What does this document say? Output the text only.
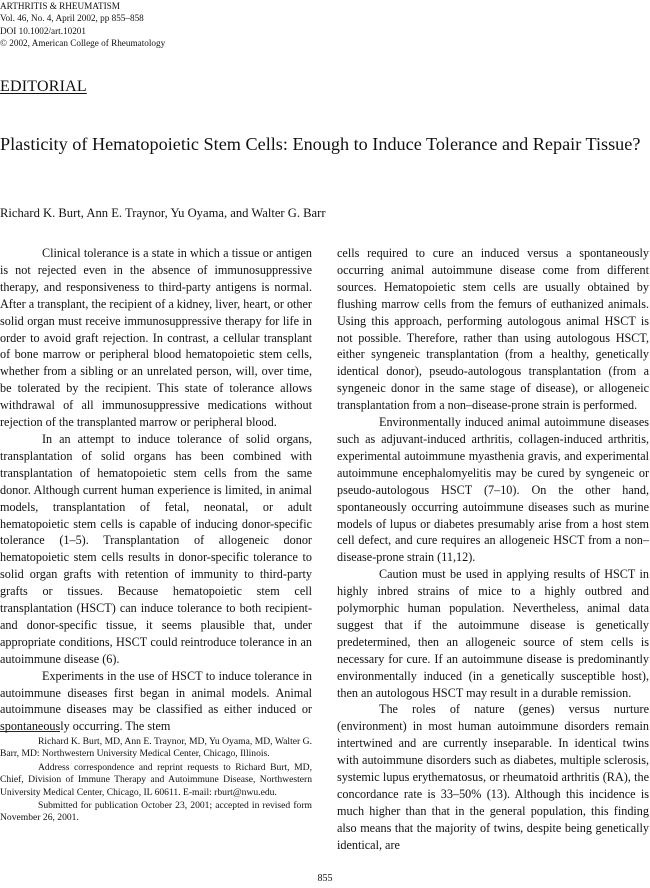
ARTHRITIS & RHEUMATISM
Vol. 46, No. 4, April 2002, pp 855–858
DOI 10.1002/art.10201
© 2002, American College of Rheumatology
EDITORIAL
Plasticity of Hematopoietic Stem Cells: Enough to Induce Tolerance and Repair Tissue?
Richard K. Burt, Ann E. Traynor, Yu Oyama, and Walter G. Barr

Clinical tolerance is a state in which a tissue or antigen is not rejected even in the absence of immunosuppressive therapy, and responsiveness to third-party antigens is normal. After a transplant, the recipient of a kidney, liver, heart, or other solid organ must receive immunosuppressive therapy for life in order to avoid graft rejection. In contrast, a cellular transplant of bone marrow or peripheral blood hematopoietic stem cells, whether from a sibling or an unrelated person, will, over time, be tolerated by the recipient. This state of tolerance allows withdrawal of all immunosuppressive medications without rejection of the transplanted marrow or peripheral blood.

In an attempt to induce tolerance of solid organs, transplantation of solid organs has been combined with transplantation of hematopoietic stem cells from the same donor. Although current human experience is limited, in animal models, transplantation of fetal, neonatal, or adult hematopoietic stem cells is capable of inducing donor-specific tolerance (1–5). Transplantation of allogeneic donor hematopoietic stem cells results in donor-specific tolerance to solid organ grafts with retention of immunity to third-party grafts or tissues. Because hematopoietic stem cell transplantation (HSCT) can induce tolerance to both recipient- and donor-specific tissue, it seems plausible that, under appropriate conditions, HSCT could reintroduce tolerance in an autoimmune disease (6).

Experiments in the use of HSCT to induce tolerance in autoimmune diseases first began in animal models. Animal autoimmune diseases may be classified as either induced or spontaneously occurring. The stem

cells required to cure an induced versus a spontaneously occurring animal autoimmune disease come from different sources. Hematopoietic stem cells are usually obtained by flushing marrow cells from the femurs of euthanized animals. Using this approach, performing autologous animal HSCT is not possible. Therefore, rather than using autologous HSCT, either syngeneic transplantation (from a healthy, genetically identical donor), pseudo-autologous transplantation (from a syngeneic donor in the same stage of disease), or allogeneic transplantation from a non–disease-prone strain is performed.

Environmentally induced animal autoimmune diseases such as adjuvant-induced arthritis, collagen-induced arthritis, experimental autoimmune myasthenia gravis, and experimental autoimmune encephalomyelitis may be cured by syngeneic or pseudo-autologous HSCT (7–10). On the other hand, spontaneously occurring autoimmune diseases such as murine models of lupus or diabetes presumably arise from a host stem cell defect, and cure requires an allogeneic HSCT from a non–disease-prone strain (11,12).

Caution must be used in applying results of HSCT in highly inbred strains of mice to a highly outbred and polymorphic human population. Nevertheless, animal data suggest that if the autoimmune disease is genetically predetermined, then an allogeneic source of stem cells is necessary for cure. If an autoimmune disease is predominantly environmentally induced (in a genetically susceptible host), then an autologous HSCT may result in a durable remission.

The roles of nature (genes) versus nurture (environment) in most human autoimmune disorders remain intertwined and are currently inseparable. In identical twins with autoimmune disorders such as diabetes, multiple sclerosis, systemic lupus erythematosus, or rheumatoid arthritis (RA), the concordance rate is 33–50% (13). Although this incidence is much higher than that in the general population, this finding also means that the majority of twins, despite being genetically identical, are

Richard K. Burt, MD, Ann E. Traynor, MD, Yu Oyama, MD, Walter G. Barr, MD: Northwestern University Medical Center, Chicago, Illinois.

Address correspondence and reprint requests to Richard Burt, MD, Chief, Division of Immune Therapy and Autoimmune Disease, Northwestern University Medical Center, Chicago, IL 60611. E-mail: rburt@nwu.edu.

Submitted for publication October 23, 2001; accepted in revised form November 26, 2001.

855
